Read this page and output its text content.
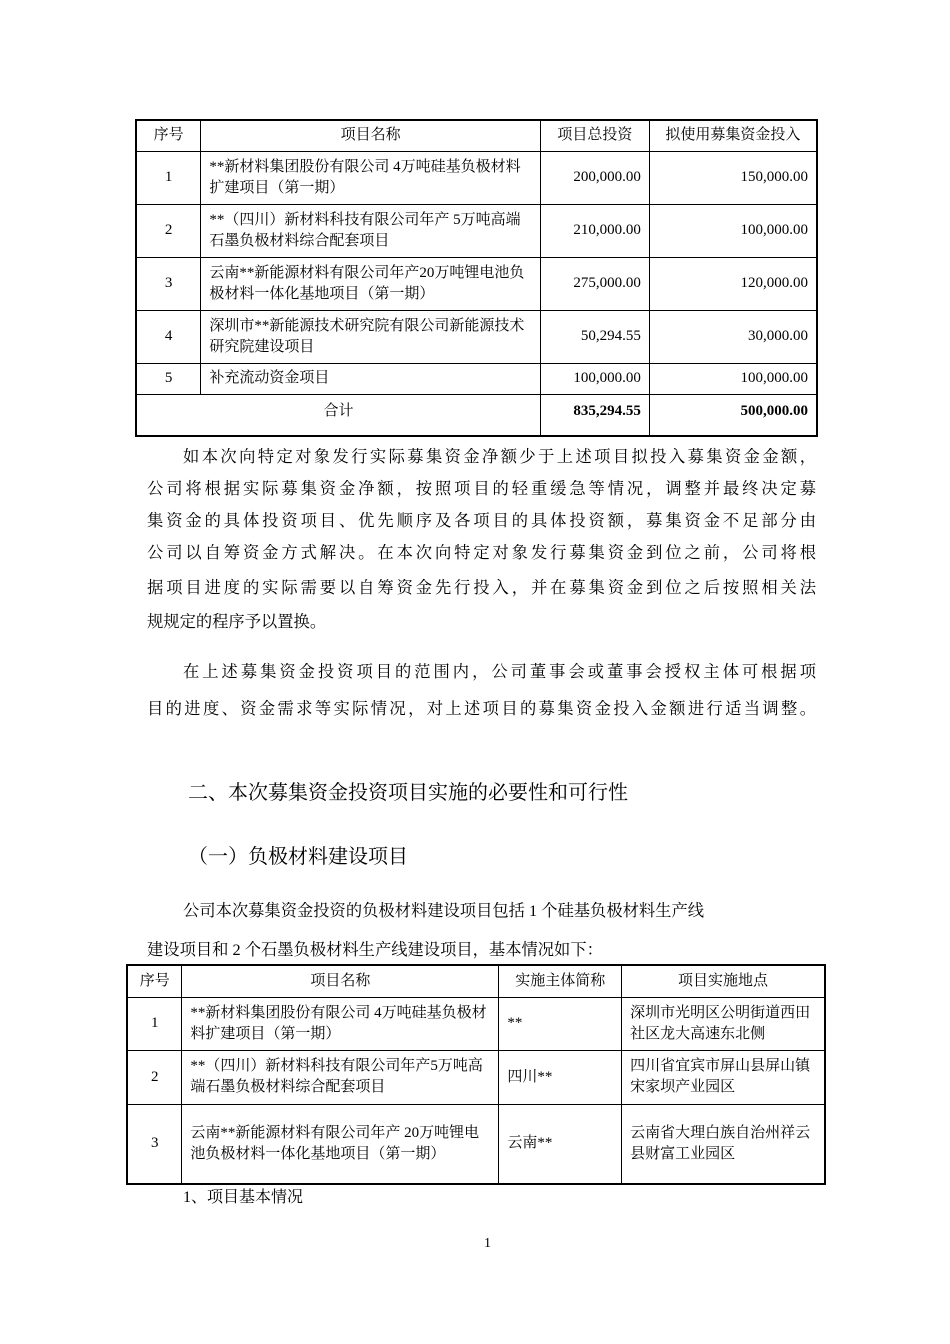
序号	项目名称	项目总投资	拟使用募集资金投入
1	**新材料集团股份有限公司 4万吨硅基负极材料扩建项目（第一期）	200,000.00	150,000.00
2	**（四川）新材料科技有限公司年产 5万吨高端石墨负极材料综合配套项目	210,000.00	100,000.00
3	云南**新能源材料有限公司年产20万吨锂电池负极材料一体化基地项目（第一期）	275,000.00	120,000.00
4	深圳市**新能源技术研究院有限公司新能源技术研究院建设项目	50,294.55	30,000.00
5	补充流动资金项目	100,000.00	100,000.00
合计		835,294.55	500,000.00
如本次向特定对象发行实际募集资金净额少于上述项目拟投入募集资金金额，
公司将根据实际募集资金净额，按照项目的轻重缓急等情况，调整并最终决定募
集资金的具体投资项目、优先顺序及各项目的具体投资额，募集资金不足部分由
公司以自筹资金方式解决。在本次向特定对象发行募集资金到位之前，公司将根
据项目进度的实际需要以自筹资金先行投入，并在募集资金到位之后按照相关法
规规定的程序予以置换。
在上述募集资金投资项目的范围内，公司董事会或董事会授权主体可根据项
目的进度、资金需求等实际情况，对上述项目的募集资金投入金额进行适当调整。
二、本次募集资金投资项目实施的必要性和可行性
（一）负极材料建设项目
公司本次募集资金投资的负极材料建设项目包括 1 个硅基负极材料生产线
建设项目和 2 个石墨负极材料生产线建设项目，基本情况如下：
序号	项目名称	实施主体简称	项目实施地点
1	**新材料集团股份有限公司 4万吨硅基负极材料扩建项目（第一期）	**	深圳市光明区公明街道西田社区龙大高速东北侧
2	**（四川）新材料科技有限公司年产5万吨高端石墨负极材料综合配套项目	四川**	四川省宜宾市屏山县屏山镇宋家坝产业园区
3	云南**新能源材料有限公司年产 20万吨锂电池负极材料一体化基地项目（第一期）	云南**	云南省大理白族自治州祥云县财富工业园区
1、项目基本情况
1
